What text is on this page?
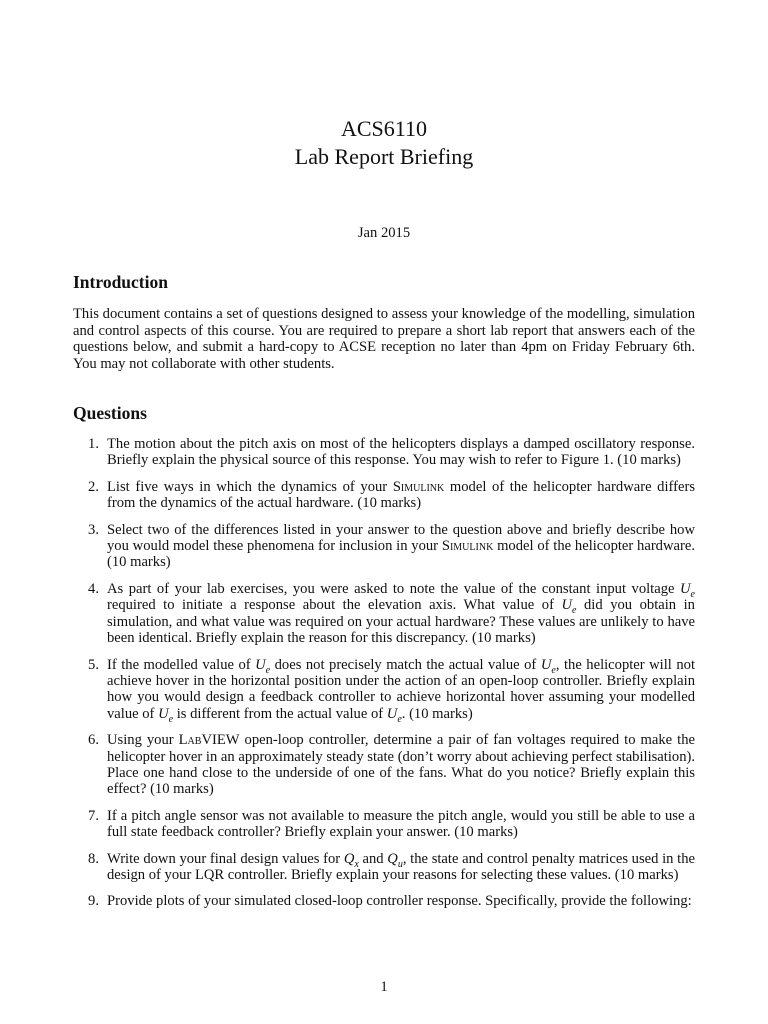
ACS6110
Lab Report Briefing
Jan 2015
Introduction
This document contains a set of questions designed to assess your knowledge of the modelling, simulation and control aspects of this course. You are required to prepare a short lab report that answers each of the questions below, and submit a hard-copy to ACSE reception no later than 4pm on Friday February 6th. You may not collaborate with other students.
Questions
1. The motion about the pitch axis on most of the helicopters displays a damped oscillatory response. Briefly explain the physical source of this response. You may wish to refer to Figure 1. (10 marks)
2. List five ways in which the dynamics of your Simulink model of the helicopter hardware differs from the dynamics of the actual hardware. (10 marks)
3. Select two of the differences listed in your answer to the question above and briefly describe how you would model these phenomena for inclusion in your Simulink model of the helicopter hardware. (10 marks)
4. As part of your lab exercises, you were asked to note the value of the constant input voltage $U_e$ required to initiate a response about the elevation axis. What value of $U_e$ did you obtain in simulation, and what value was required on your actual hardware? These values are unlikely to have been identical. Briefly explain the reason for this discrepancy. (10 marks)
5. If the modelled value of $U_e$ does not precisely match the actual value of $U_e$, the helicopter will not achieve hover in the horizontal position under the action of an open-loop controller. Briefly explain how you would design a feedback controller to achieve horizontal hover assuming your modelled value of $U_e$ is different from the actual value of $U_e$. (10 marks)
6. Using your LabVIEW open-loop controller, determine a pair of fan voltages required to make the helicopter hover in an approximately steady state (don’t worry about achieving perfect stabilisation). Place one hand close to the underside of one of the fans. What do you notice? Briefly explain this effect? (10 marks)
7. If a pitch angle sensor was not available to measure the pitch angle, would you still be able to use a full state feedback controller? Briefly explain your answer. (10 marks)
8. Write down your final design values for $Q_x$ and $Q_u$, the state and control penalty matrices used in the design of your LQR controller. Briefly explain your reasons for selecting these values. (10 marks)
9. Provide plots of your simulated closed-loop controller response. Specifically, provide the following:
1
